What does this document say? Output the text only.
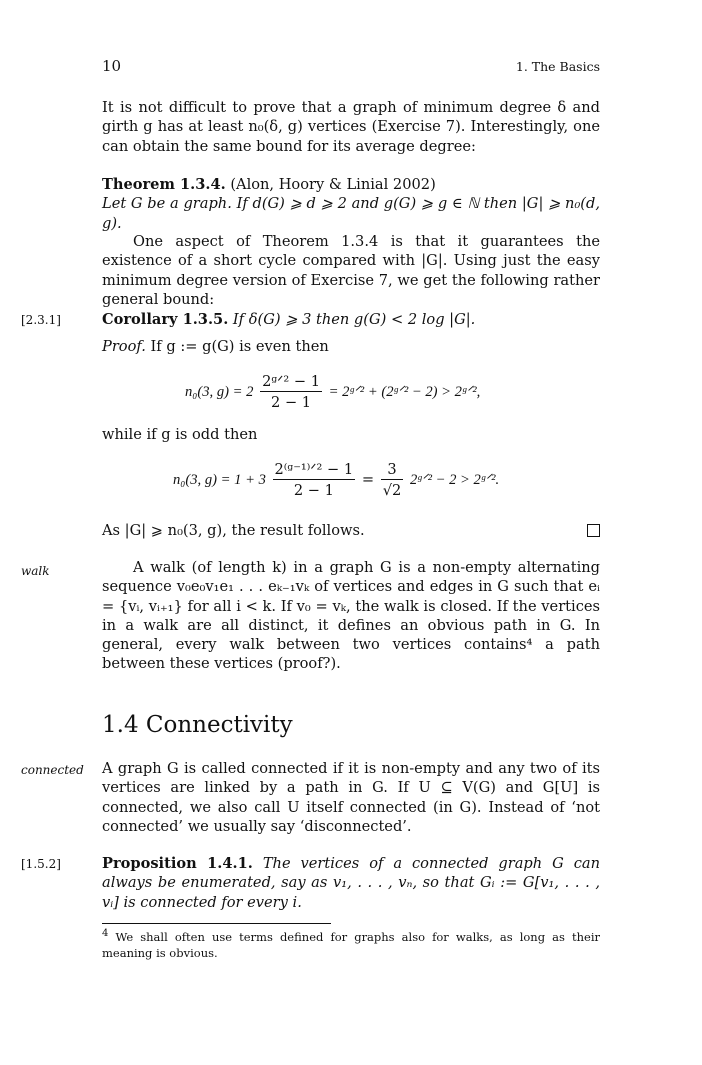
10	1. The Basics
It is not difficult to prove that a graph of minimum degree δ and girth g has at least n₀(δ, g) vertices (Exercise 7). Interestingly, one can obtain the same bound for its average degree:
Theorem 1.3.4. (Alon, Hoory & Linial 2002)
Let G be a graph. If d(G) ⩾ d ⩾ 2 and g(G) ⩾ g ∈ ℕ then |G| ⩾ n₀(d, g).
One aspect of Theorem 1.3.4 is that it guarantees the existence of a short cycle compared with |G|. Using just the easy minimum degree version of Exercise 7, we get the following rather general bound:
[2.3.1]	Corollary 1.3.5. If δ(G) ⩾ 3 then g(G) < 2 log |G|.
Proof. If g := g(G) is even then
n₀(3, $g) = 2 \frac{\text{2ᵍᐟ² − 1}}{2 - 1}$ = 2ᵍᐟ² + (2ᵍᐟ² − 2) > 2ᵍᐟ²,
while if g is odd then
n₀(3, $g) = 1 + 3 \frac{\text{2⁽ᵍ⁻¹⁾ᐟ² − 1}}{2 - 1} = \frac{3}{√2}$ 2ᵍᐟ² − 2 > 2ᵍᐟ².
As |G| ⩾ n₀(3, g), the result follows.
walk	A walk (of length k) in a graph G is a non-empty alternating sequence v₀e₀v₁e₁ . . . eₖ₋₁vₖ of vertices and edges in G such that eᵢ = {vᵢ, vᵢ₊₁} for all i < k. If v₀ = vₖ, the walk is closed. If the vertices in a walk are all distinct, it defines an obvious path in G. In general, every walk between two vertices contains⁴ a path between these vertices (proof?).
1.4 Connectivity
connected A graph G is called connected if it is non-empty and any two of its vertices are linked by a path in G. If U ⊆ V(G) and G[U] is connected, we also call U itself connected (in G). Instead of ‘not connected’ we usually say ‘disconnected’.
[1.5.2]	Proposition 1.4.1. The vertices of a connected graph G can always be enumerated, say as v₁, . . . , vₙ, so that Gᵢ := G[v₁, . . . , vᵢ] is connected for every i.
$^4$ We shall often use terms defined for graphs also for walks, as long as their meaning is obvious.
